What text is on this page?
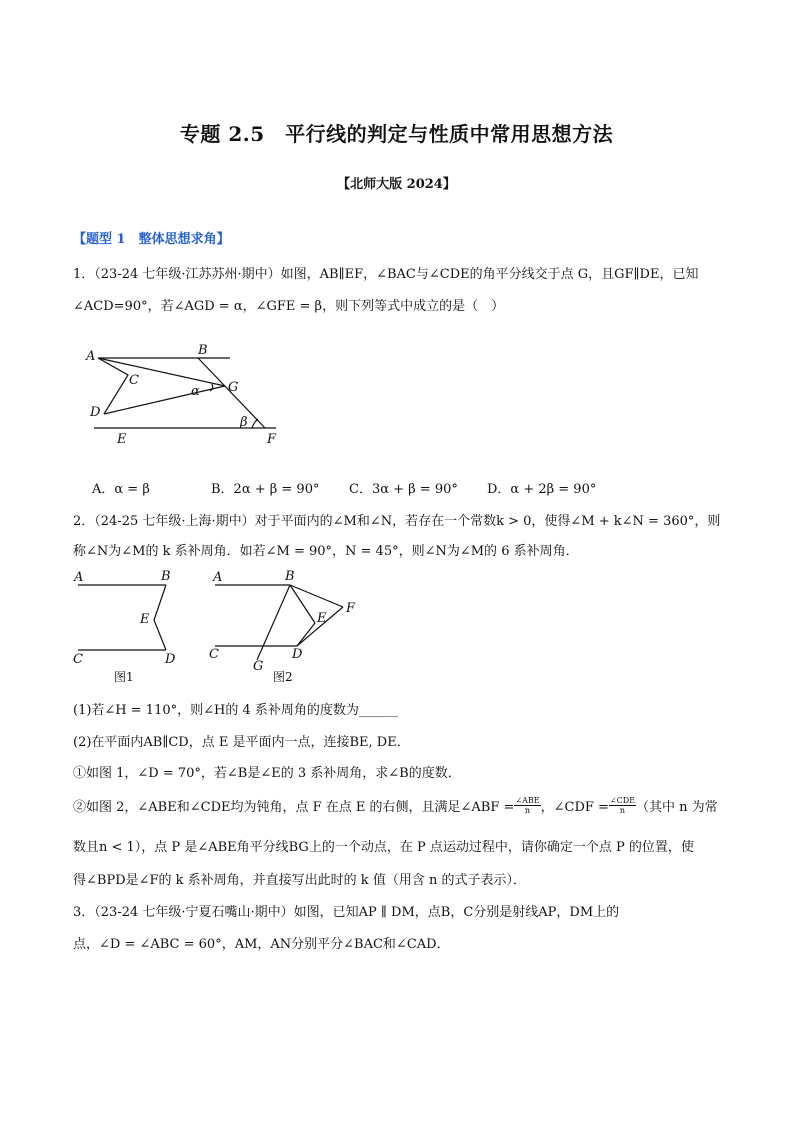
专题 2.5　平行线的判定与性质中常用思想方法
【北师大版 2024】
【题型 1　整体思想求角】
1．（23-24 七年级·江苏苏州·期中）如图，AB∥EF，∠BAC与∠CDE的角平分线交于点 G，且GF∥DE，已知
∠ACD=90°，若∠AGD = α，∠GFE = β，则下列等式中成立的是（　）
A	B
C
α G
D
β
E	F
A．α = β	B．2α + β = 90° C．3α + β = 90° D．α + 2β = 90°
2．（24-25 七年级·上海·期中）对于平面内的∠M和∠N，若存在一个常数k > 0，使得∠M + k∠N = 360°，则
称∠N为∠M的 k 系补周角．如若∠M = 90°，N = 45°，则∠N为∠M的 6 系补周角．
A	B
E
C	D
图1
A	B
F
E
C	D
G
图2
(1)若∠H = 110°，则∠H的 4 系补周角的度数为______
(2)在平面内AB∥CD，点 E 是平面内一点，连接BE, DE．
①如图 1，∠D = 70°，若∠B是∠E的 3 系补周角，求∠B的度数．
②如图 2，∠ABE和∠CDE均为钝角，点 F 在点 E 的右侧，且满足∠ABF = $\frac{\text{∠ABE}}{n}$ ，∠CDF = $\frac{\text{∠CDE}}{n}$ （其中 n 为常
数且n < 1），点 P 是∠ABE角平分线BG上的一个动点，在 P 点运动过程中，请你确定一个点 P 的位置，使
得∠BPD是∠F的 k 系补周角，并直接写出此时的 k 值（用含 n 的式子表示）．
3．（23-24 七年级·宁夏石嘴山·期中）如图，已知AP ∥ DM，点B，C分别是射线AP，DM上的
点，∠D = ∠ABC = 60°，AM，AN分别平分∠BAC和∠CAD．
